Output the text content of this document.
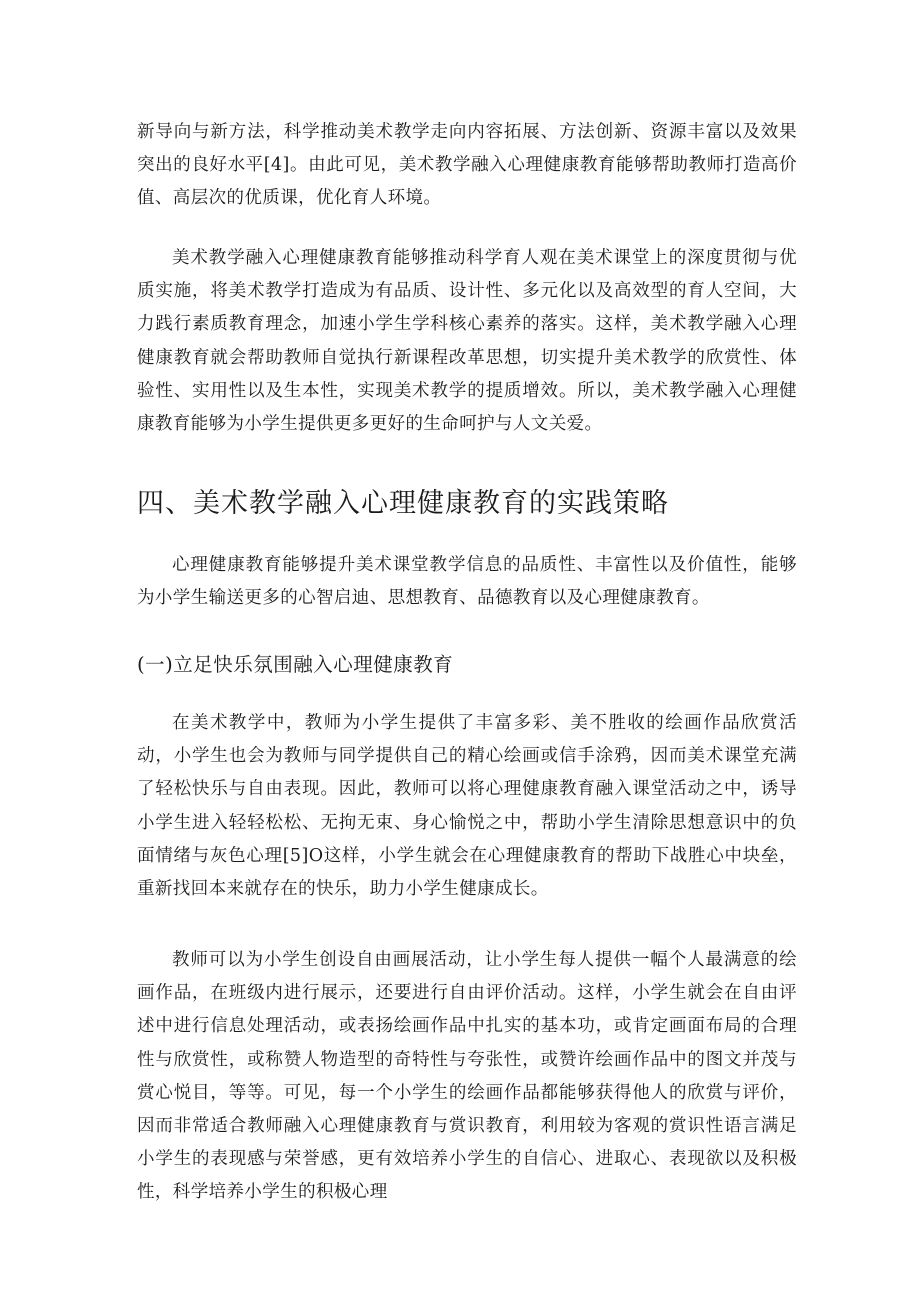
新导向与新方法，科学推动美术教学走向内容拓展、方法创新、资源丰富以及效果突出的良好水平[4]。由此可见，美术教学融入心理健康教育能够帮助教师打造高价值、高层次的优质课，优化育人环境。

美术教学融入心理健康教育能够推动科学育人观在美术课堂上的深度贯彻与优质实施，将美术教学打造成为有品质、设计性、多元化以及高效型的育人空间，大力践行素质教育理念，加速小学生学科核心素养的落实。这样，美术教学融入心理健康教育就会帮助教师自觉执行新课程改革思想，切实提升美术教学的欣赏性、体验性、实用性以及生本性，实现美术教学的提质增效。所以，美术教学融入心理健康教育能够为小学生提供更多更好的生命呵护与人文关爱。

四、美术教学融入心理健康教育的实践策略

心理健康教育能够提升美术课堂教学信息的品质性、丰富性以及价值性，能够为小学生输送更多的心智启迪、思想教育、品德教育以及心理健康教育。

(一)立足快乐氛围融入心理健康教育

在美术教学中，教师为小学生提供了丰富多彩、美不胜收的绘画作品欣赏活动，小学生也会为教师与同学提供自己的精心绘画或信手涂鸦，因而美术课堂充满了轻松快乐与自由表现。因此，教师可以将心理健康教育融入课堂活动之中，诱导小学生进入轻轻松松、无拘无束、身心愉悦之中，帮助小学生清除思想意识中的负面情绪与灰色心理[5]O这样，小学生就会在心理健康教育的帮助下战胜心中块垒，重新找回本来就存在的快乐，助力小学生健康成长。

教师可以为小学生创设自由画展活动，让小学生每人提供一幅个人最满意的绘画作品，在班级内进行展示，还要进行自由评价活动。这样，小学生就会在自由评述中进行信息处理活动，或表扬绘画作品中扎实的基本功，或肯定画面布局的合理性与欣赏性，或称赞人物造型的奇特性与夸张性，或赞许绘画作品中的图文并茂与赏心悦目，等等。可见，每一个小学生的绘画作品都能够获得他人的欣赏与评价，因而非常适合教师融入心理健康教育与赏识教育，利用较为客观的赏识性语言满足小学生的表现感与荣誉感，更有效培养小学生的自信心、进取心、表现欲以及积极性，科学培养小学生的积极心理
